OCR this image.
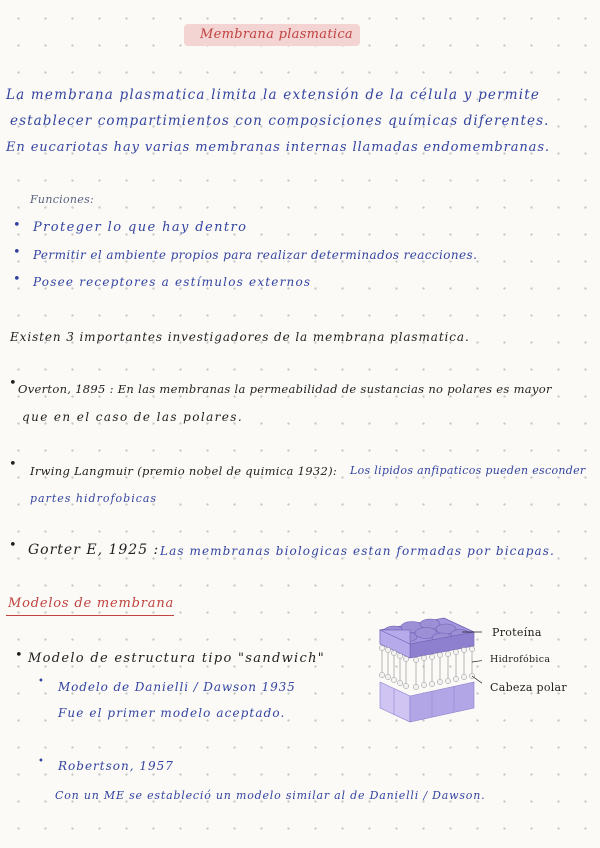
Membrana plasmatica
La membrana plasmatica limita la extensión de la célula y permite
establecer compartimientos con composiciones químicas diferentes.
En eucariotas hay varias membranas internas llamadas endomembranas.
Funciones:
• Proteger lo que hay dentro
• Permitir el ambiente propios para realizar determinados reacciones.
• Posee receptores a estímulos externos
Existen 3 importantes investigadores de la membrana plasmatica.
• Overton, 1895 : En las membranas la permeabilidad de sustancias no polares es mayor
que en el caso de las polares.
• Irwing Langmuir (premio nobel de quimica 1932): Los lipidos anfipaticos pueden esconder
partes hidrofobicas
• Gorter E, 1925 : Las membranas biologicas estan formadas por bicapas.
Modelos de membrana
• Modelo de estructura tipo "sandwich"
• Modelo de Danielli / Dawson 1935
Fue el primer modelo aceptado.
• Robertson, 1957
Con un ME se estableció un modelo similar al de Danielli / Dawson.
Proteína
Hidrofóbica
Cabeza polar
